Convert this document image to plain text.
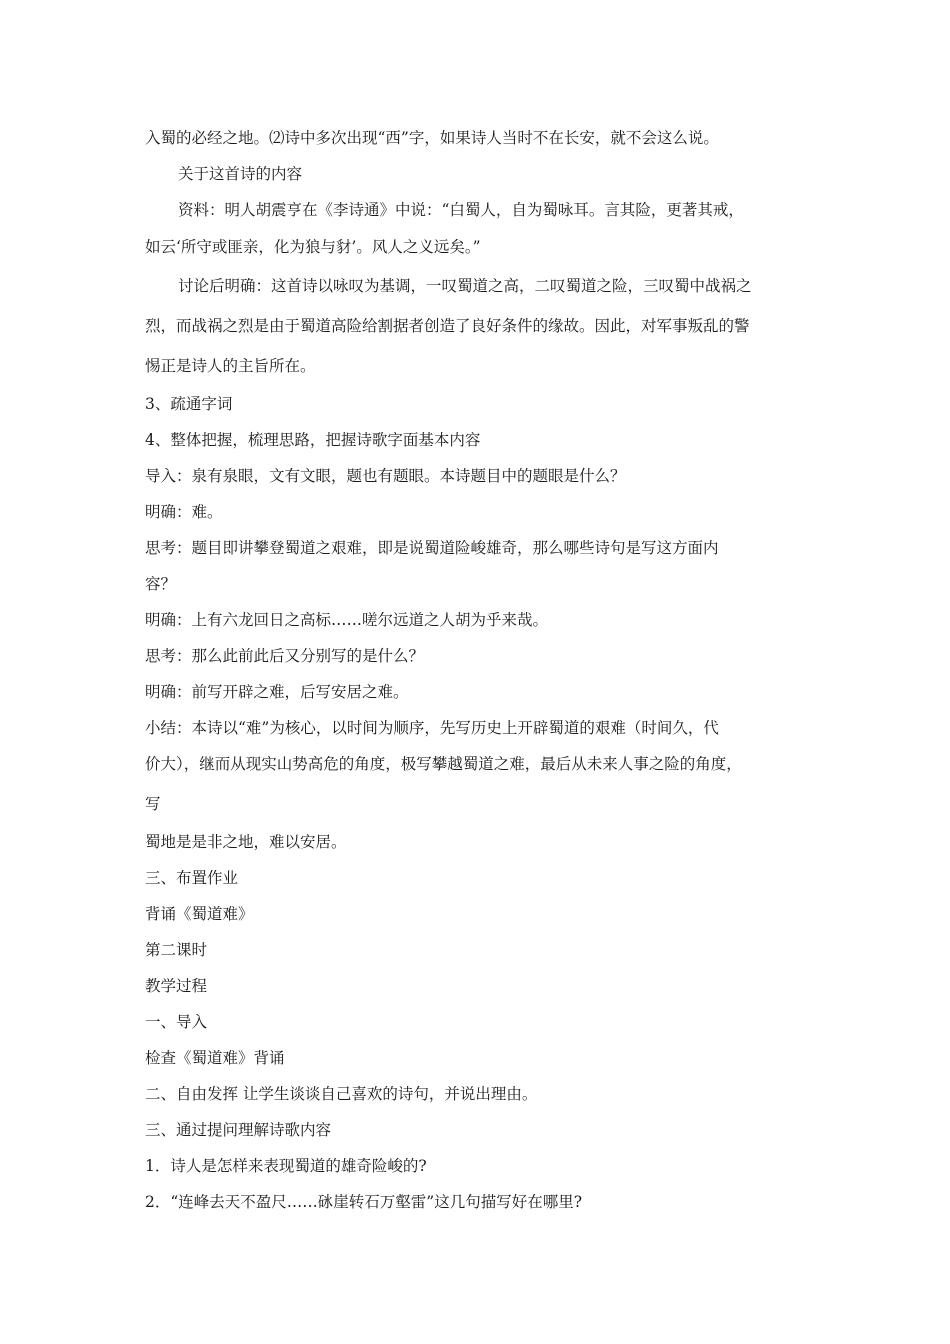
入蜀的必经之地。⑵诗中多次出现“西”字，如果诗人当时不在长安，就不会这么说。
关于这首诗的内容
资料：明人胡震亨在《李诗通》中说：“白蜀人，自为蜀咏耳。言其险，更著其戒，
如云‘所守或匪亲，化为狼与豺’。风人之义远矣。”
讨论后明确：这首诗以咏叹为基调，一叹蜀道之高，二叹蜀道之险，三叹蜀中战祸之
烈，而战祸之烈是由于蜀道高险给割据者创造了良好条件的缘故。因此，对军事叛乱的警
惕正是诗人的主旨所在。
3、疏通字词
4、整体把握，梳理思路，把握诗歌字面基本内容
导入：泉有泉眼，文有文眼，题也有题眼。本诗题目中的题眼是什么？
明确：难。
思考：题目即讲攀登蜀道之艰难，即是说蜀道险峻雄奇，那么哪些诗句是写这方面内
容？
明确：上有六龙回日之高标……嗟尔远道之人胡为乎来哉。
思考：那么此前此后又分别写的是什么？
明确：前写开辟之难，后写安居之难。
小结：本诗以“难”为核心，以时间为顺序，先写历史上开辟蜀道的艰难（时间久，代
价大），继而从现实山势高危的角度，极写攀越蜀道之难，最后从未来人事之险的角度，
写
蜀地是是非之地，难以安居。
三、布置作业
背诵《蜀道难》
第二课时
教学过程
一、导入
检查《蜀道难》背诵
二、自由发挥 让学生谈谈自己喜欢的诗句，并说出理由。
三、通过提问理解诗歌内容
1．诗人是怎样来表现蜀道的雄奇险峻的?
2．“连峰去天不盈尺……砯崖转石万壑雷”这几句描写好在哪里?
